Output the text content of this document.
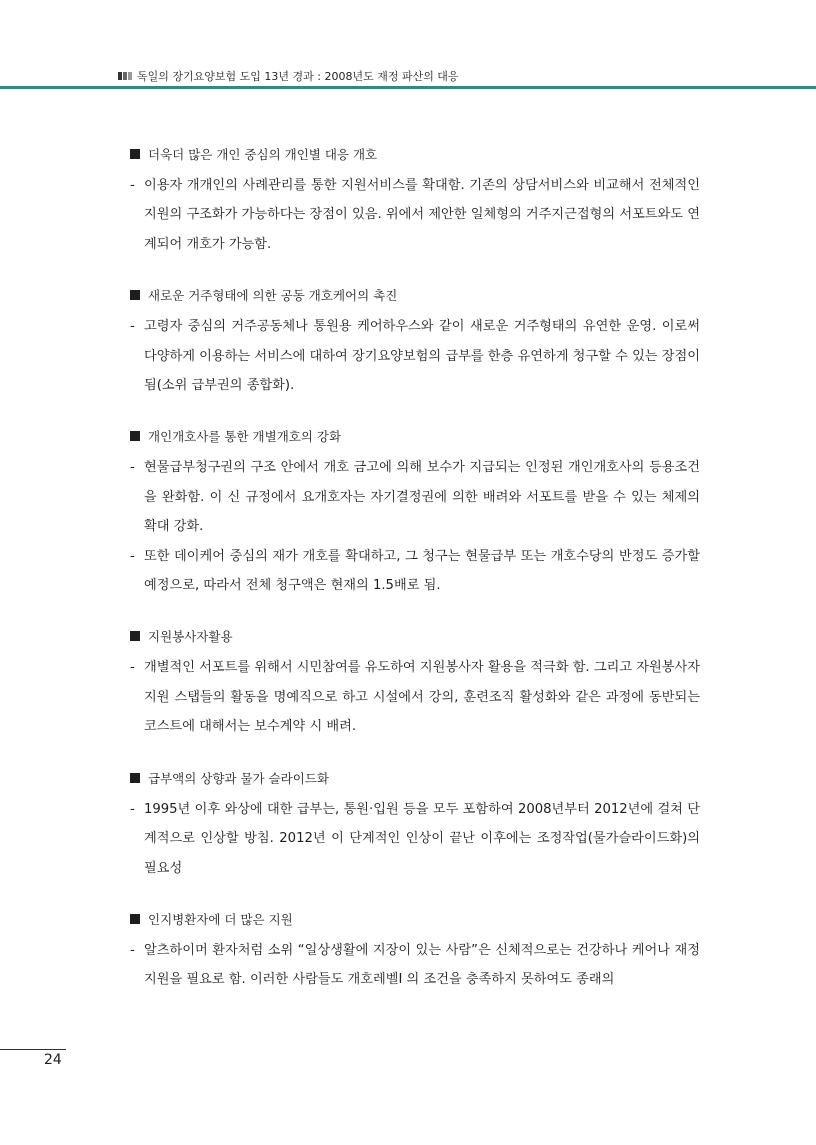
독일의 장기요양보험 도입 13년 경과 : 2008년도 재정 파산의 대응
더욱더 많은 개인 중심의 개인별 대응 개호
- 이용자 개개인의 사례관리를 통한 지원서비스를 확대함. 기존의 상담서비스와 비교해서 전체적인 지원의 구조화가 가능하다는 장점이 있음. 위에서 제안한 일체형의 거주지근접형의 서포트와도 연계되어 개호가 가능함.
새로운 거주형태에 의한 공동 개호케어의 촉진
- 고령자 중심의 거주공동체나 통원용 케어하우스와 같이 새로운 거주형태의 유연한 운영. 이로써 다양하게 이용하는 서비스에 대하여 장기요양보험의 급부를 한층 유연하게 청구할 수 있는 장점이 됨(소위 급부권의 종합화).
개인개호사를 통한 개별개호의 강화
- 현물급부청구권의 구조 안에서 개호 금고에 의해 보수가 지급되는 인정된 개인개호사의 등용조건을 완화함. 이 신 규정에서 요개호자는 자기결정권에 의한 배려와 서포트를 받을 수 있는 체제의 확대 강화.
- 또한 데이케어 중심의 재가 개호를 확대하고, 그 청구는 현물급부 또는 개호수당의 반정도 증가할 예정으로, 따라서 전체 청구액은 현재의 1.5배로 됨.
지원봉사자활용
- 개별적인 서포트를 위해서 시민참여를 유도하여 지원봉사자 활용을 적극화 함. 그리고 자원봉사자 지원 스탭들의 활동을 명예직으로 하고 시설에서 강의, 훈련조직 활성화와 같은 과정에 동반되는 코스트에 대해서는 보수계약 시 배려.
급부액의 상향과 물가 슬라이드화
- 1995년 이후 와상에 대한 급부는, 통원·입원 등을 모두 포함하여 2008년부터 2012년에 걸쳐 단계적으로 인상할 방침. 2012년 이 단계적인 인상이 끝난 이후에는 조정작업(물가슬라이드화)의 필요성
인지병환자에 더 많은 지원
- 알츠하이머 환자처럼 소위 “일상생활에 지장이 있는 사람”은 신체적으로는 건강하나 케어나 재정지원을 필요로 함. 이러한 사람들도 개호레벨Ⅰ 의 조건을 충족하지 못하여도 종래의
24
